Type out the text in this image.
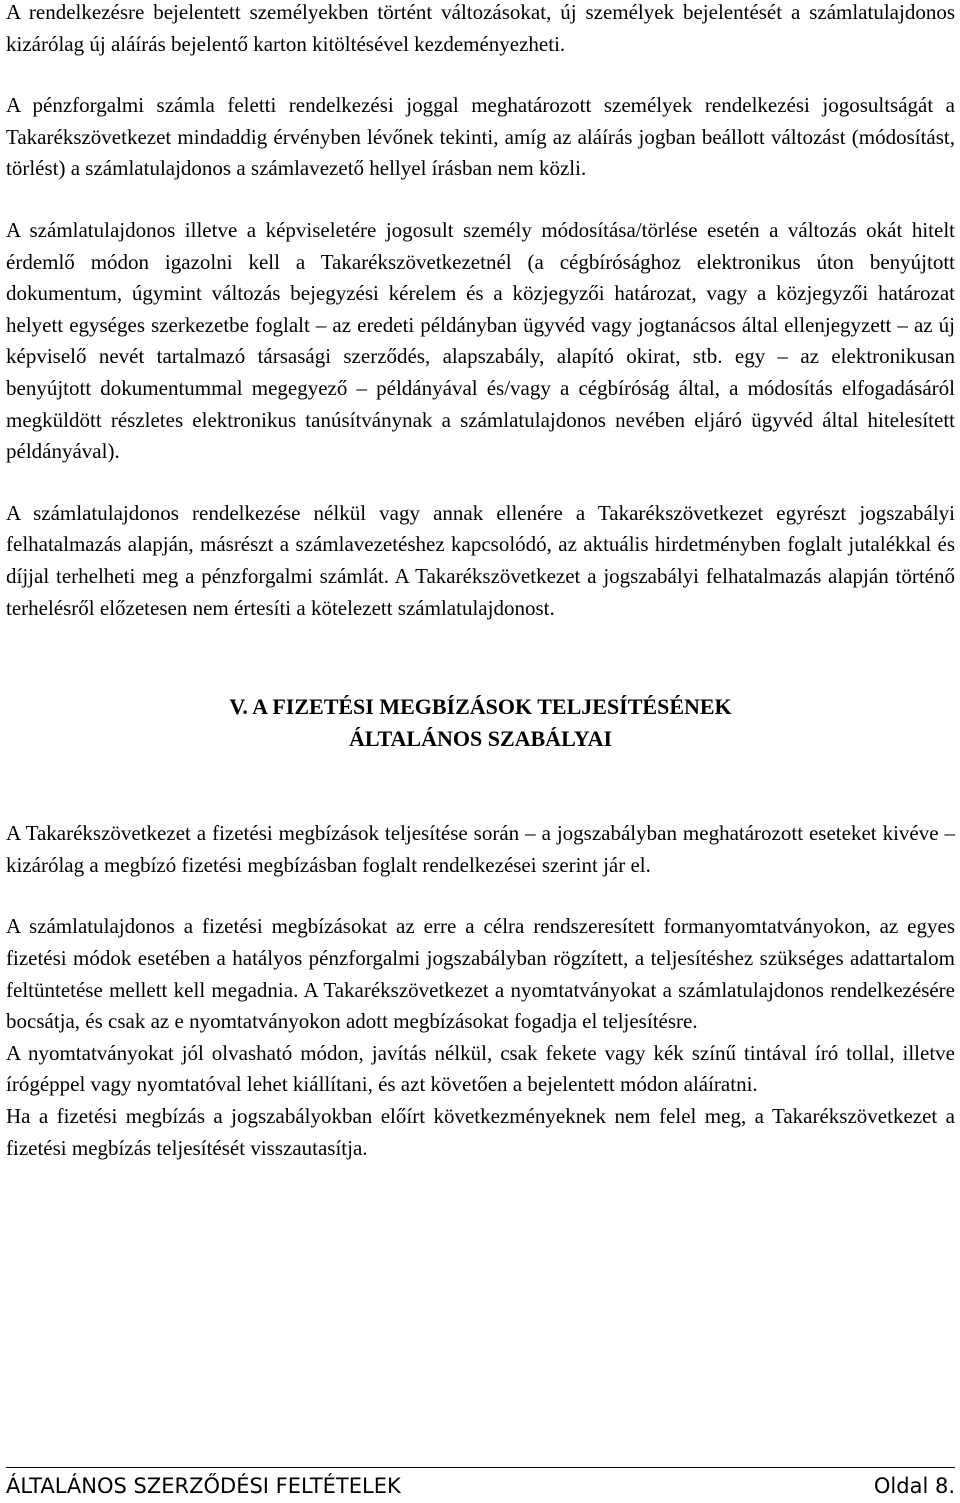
A rendelkezésre bejelentett személyekben történt változásokat, új személyek bejelentését a számlatulajdonos kizárólag új aláírás bejelentő karton kitöltésével kezdeményezheti.

A pénzforgalmi számla feletti rendelkezési joggal meghatározott személyek rendelkezési jogosultságát a Takarékszövetkezet mindaddig érvényben lévőnek tekinti, amíg az aláírás jogban beállott változást (módosítást, törlést) a számlatulajdonos a számlavezető hellyel írásban nem közli.

A számlatulajdonos illetve a képviseletére jogosult személy módosítása/törlése esetén a változás okát hitelt érdemlő módon igazolni kell a Takarékszövetkezetnél (a cégbírósághoz elektronikus úton benyújtott dokumentum, úgymint változás bejegyzési kérelem és a közjegyzői határozat, vagy a közjegyzői határozat helyett egységes szerkezetbe foglalt – az eredeti példányban ügyvéd vagy jogtanácsos által ellenjegyzett – az új képviselő nevét tartalmazó társasági szerződés, alapszabály, alapító okirat, stb. egy – az elektronikusan benyújtott dokumentummal megegyező – példányával és/vagy a cégbíróság által, a módosítás elfogadásáról megküldött részletes elektronikus tanúsítványnak a számlatulajdonos nevében eljáró ügyvéd által hitelesített példányával).

A számlatulajdonos rendelkezése nélkül vagy annak ellenére a Takarékszövetkezet egyrészt jogszabályi felhatalmazás alapján, másrészt a számlavezetéshez kapcsolódó, az aktuális hirdetményben foglalt jutalékkal és díjjal terhelheti meg a pénzforgalmi számlát. A Takarékszövetkezet a jogszabályi felhatalmazás alapján történő terhelésről előzetesen nem értesíti a kötelezett számlatulajdonost.

V. A FIZETÉSI MEGBÍZÁSOK TELJESÍTÉSÉNEK
ÁLTALÁNOS SZABÁLYAI

A Takarékszövetkezet a fizetési megbízások teljesítése során – a jogszabályban meghatározott eseteket kivéve – kizárólag a megbízó fizetési megbízásban foglalt rendelkezései szerint jár el.

A számlatulajdonos a fizetési megbízásokat az erre a célra rendszeresített formanyomtatványokon, az egyes fizetési módok esetében a hatályos pénzforgalmi jogszabályban rögzített, a teljesítéshez szükséges adattartalom feltüntetése mellett kell megadnia. A Takarékszövetkezet a nyomtatványokat a számlatulajdonos rendelkezésére bocsátja, és csak az e nyomtatványokon adott megbízásokat fogadja el teljesítésre.

A nyomtatványokat jól olvasható módon, javítás nélkül, csak fekete vagy kék színű tintával író tollal, illetve írógéppel vagy nyomtatóval lehet kiállítani, és azt követően a bejelentett módon aláíratni.

Ha a fizetési megbízás a jogszabályokban előírt következményeknek nem felel meg, a Takarékszövetkezet a fizetési megbízás teljesítését visszautasítja.

ÁLTALÁNOS SZERZŐDÉSI FELTÉTELEK	Oldal 8.
